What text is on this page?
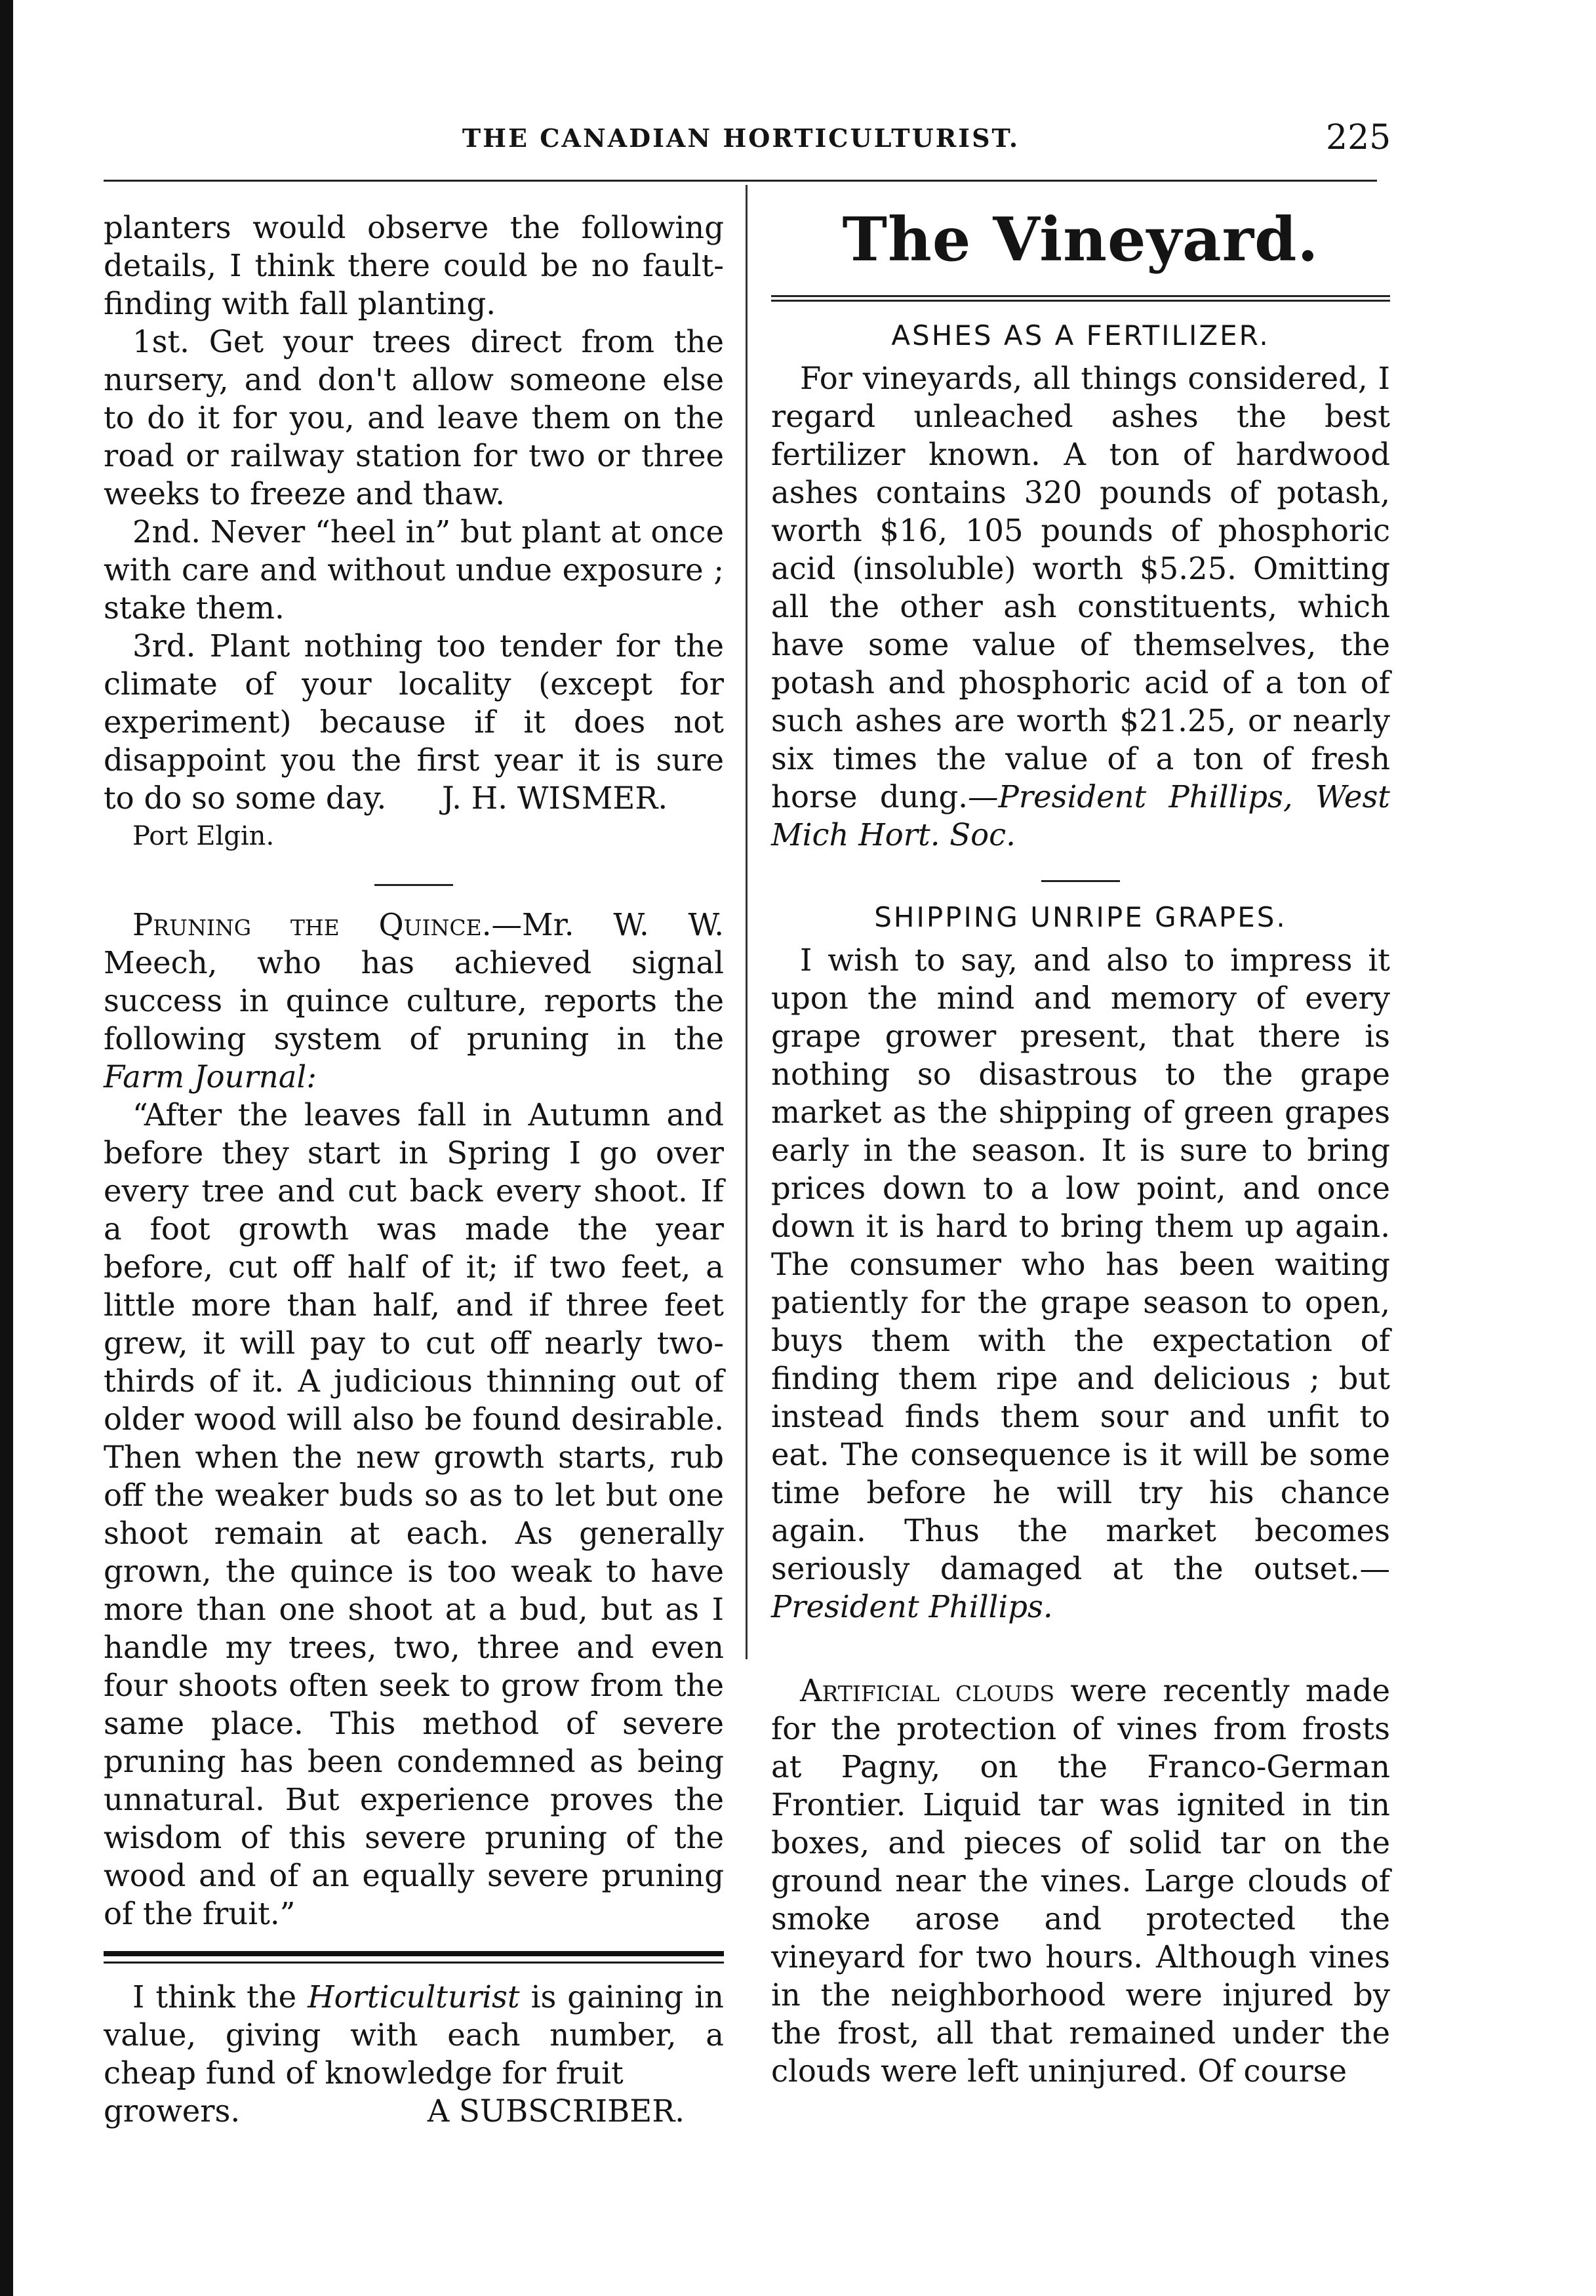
THE CANADIAN HORTICULTURIST.	225

planters would observe the following details, I think there could be no fault-finding with fall planting.

1st. Get your trees direct from the nursery, and don't allow someone else to do it for you, and leave them on the road or railway station for two or three weeks to freeze and thaw.

2nd. Never “heel in” but plant at once with care and without undue exposure ; stake them.

3rd. Plant nothing too tender for the climate of your locality (except for experiment) because if it does not disappoint you the first year it is sure to do so some day. J. H. WISMER.

Port Elgin.

Pruning the Quince.—Mr. W. W. Meech, who has achieved signal success in quince culture, reports the following system of pruning in the Farm Journal:

“After the leaves fall in Autumn and before they start in Spring I go over every tree and cut back every shoot. If a foot growth was made the year before, cut off half of it; if two feet, a little more than half, and if three feet grew, it will pay to cut off nearly two-thirds of it. A judicious thinning out of older wood will also be found desirable. Then when the new growth starts, rub off the weaker buds so as to let but one shoot remain at each. As generally grown, the quince is too weak to have more than one shoot at a bud, but as I handle my trees, two, three and even four shoots often seek to grow from the same place. This method of severe pruning has been condemned as being unnatural. But experience proves the wisdom of this severe pruning of the wood and of an equally severe pruning of the fruit.”

I think the Horticulturist is gaining in value, giving with each number, a cheap fund of knowledge for fruit

growers.	A SUBSCRIBER.

The Vineyard.
ASHES AS A FERTILIZER.

For vineyards, all things considered, I regard unleached ashes the best fertilizer known. A ton of hardwood ashes contains 320 pounds of potash, worth $16, 105 pounds of phosphoric acid (insoluble) worth $5.25. Omitting all the other ash constituents, which have some value of themselves, the potash and phosphoric acid of a ton of such ashes are worth $21.25, or nearly six times the value of a ton of fresh horse dung.—President Phillips, West Mich Hort. Soc.

SHIPPING UNRIPE GRAPES.

I wish to say, and also to impress it upon the mind and memory of every grape grower present, that there is nothing so disastrous to the grape market as the shipping of green grapes early in the season. It is sure to bring prices down to a low point, and once down it is hard to bring them up again. The consumer who has been waiting patiently for the grape season to open, buys them with the expectation of finding them ripe and delicious ; but instead finds them sour and unfit to eat. The consequence is it will be some time before he will try his chance again. Thus the market becomes seriously damaged at the outset.— President Phillips.

Artificial clouds were recently made for the protection of vines from frosts at Pagny, on the Franco-German Frontier. Liquid tar was ignited in tin boxes, and pieces of solid tar on the ground near the vines. Large clouds of smoke arose and protected the vineyard for two hours. Although vines in the neighborhood were injured by the frost, all that remained under the clouds were left uninjured. Of course
